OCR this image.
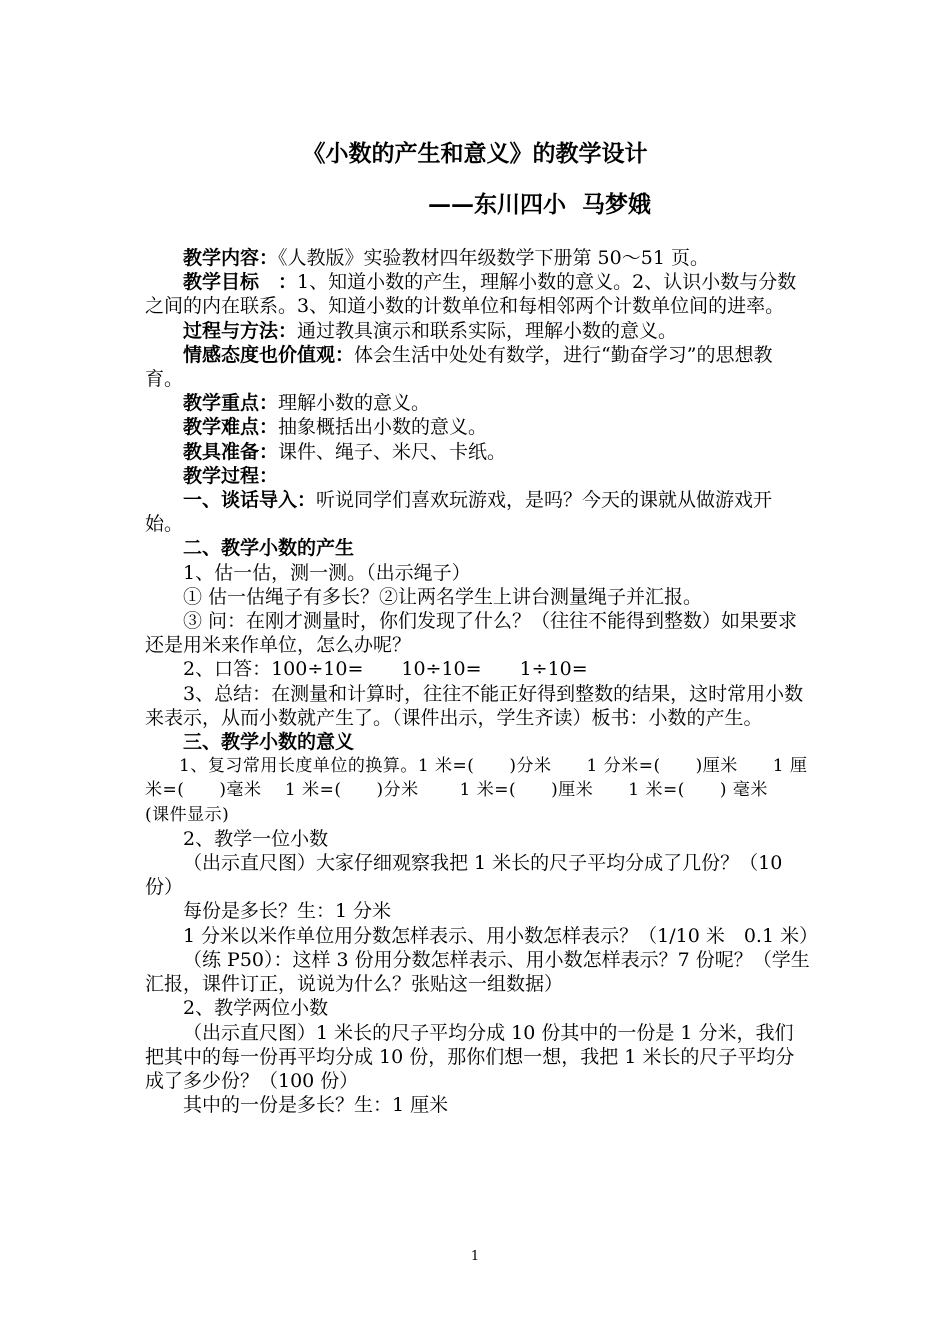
《小数的产生和意义》的教学设计
——东川四小  马梦娥

教学内容：《人教版》实验教材四年级数学下册第 50～51 页。

教学目标　：1、知道小数的产生，理解小数的意义。2、认识小数与分数之间的内在联系。3、知道小数的计数单位和每相邻两个计数单位间的进率。

过程与方法：通过教具演示和联系实际，理解小数的意义。

情感态度也价值观：体会生活中处处有数学，进行“勤奋学习”的思想教育。

教学重点：理解小数的意义。

教学难点：抽象概括出小数的意义。

教具准备：课件、绳子、米尺、卡纸。

教学过程：

一、谈话导入：听说同学们喜欢玩游戏，是吗？今天的课就从做游戏开始。

二、教学小数的产生

1、估一估，测一测。（出示绳子）

① 估一估绳子有多长？②让两名学生上讲台测量绳子并汇报。

③ 问：在刚才测量时，你们发现了什么？（往往不能得到整数）如果要求还是用米来作单位，怎么办呢？

2、口答：100÷10=　　10÷10=　　1÷10=

3、总结：在测量和计算时，往往不能正好得到整数的结果，这时常用小数来表示，从而小数就产生了。（课件出示，学生齐读）板书：小数的产生。

三、教学小数的意义

1、复习常用长度单位的换算。1 米=(　　)分米　　1 分米=(　　)厘米　　1 厘米=(　　)毫米　 1 米=(　　)分米　　 1 米=(　　)厘米　　1 米=(　　) 毫米　　(课件显示)

2、教学一位小数

（出示直尺图）大家仔细观察我把 1 米长的尺子平均分成了几份？（10 份）

每份是多长？生：1 分米

1 分米以米作单位用分数怎样表示、用小数怎样表示？（1/10 米　0.1 米）

（练 P50）：这样 3 份用分数怎样表示、用小数怎样表示？7 份呢？（学生汇报，课件订正，说说为什么？张贴这一组数据）

2、教学两位小数

（出示直尺图）1 米长的尺子平均分成 10 份其中的一份是 1 分米，我们把其中的每一份再平均分成 10 份，那你们想一想，我把 1 米长的尺子平均分成了多少份？（100 份）

其中的一份是多长？生：1 厘米

1
